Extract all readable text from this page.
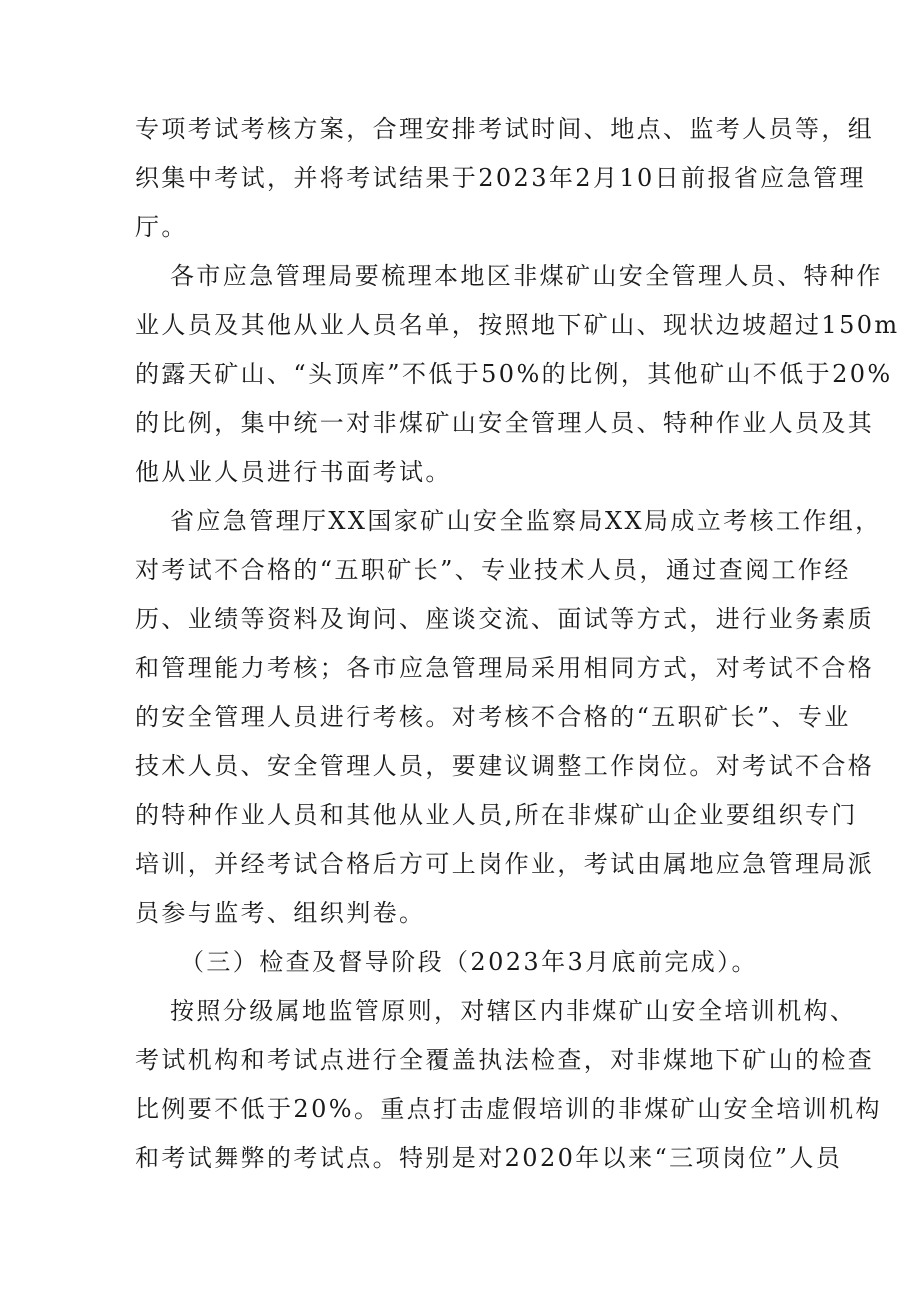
专项考试考核方案，合理安排考试时间、地点、监考人员等，组
织集中考试，并将考试结果于2023年2月10日前报省应急管理
厅。
各市应急管理局要梳理本地区非煤矿山安全管理人员、特种作
业人员及其他从业人员名单，按照地下矿山、现状边坡超过150m
的露天矿山、“头顶库”不低于50%的比例，其他矿山不低于20%
的比例，集中统一对非煤矿山安全管理人员、特种作业人员及其
他从业人员进行书面考试。
省应急管理厅XX国家矿山安全监察局XX局成立考核工作组，
对考试不合格的“五职矿长”、专业技术人员，通过查阅工作经
历、业绩等资料及询问、座谈交流、面试等方式，进行业务素质
和管理能力考核；各市应急管理局采用相同方式，对考试不合格
的安全管理人员进行考核。对考核不合格的“五职矿长”、专业
技术人员、安全管理人员，要建议调整工作岗位。对考试不合格
的特种作业人员和其他从业人员,所在非煤矿山企业要组织专门
培训，并经考试合格后方可上岗作业，考试由属地应急管理局派
员参与监考、组织判卷。
（三）检查及督导阶段（2023年3月底前完成）。
按照分级属地监管原则，对辖区内非煤矿山安全培训机构、
考试机构和考试点进行全覆盖执法检查，对非煤地下矿山的检查
比例要不低于20%。重点打击虚假培训的非煤矿山安全培训机构
和考试舞弊的考试点。特别是对2020年以来“三项岗位”人员
